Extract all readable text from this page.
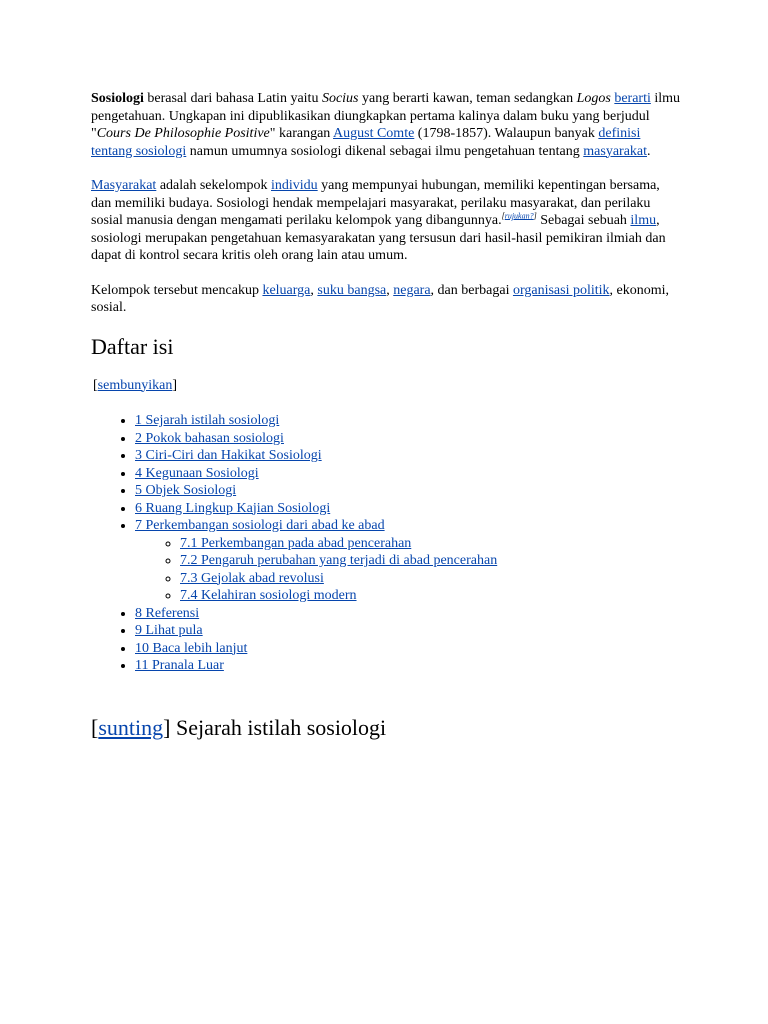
Sosiologi berasal dari bahasa Latin yaitu Socius yang berarti kawan, teman sedangkan Logos berarti ilmu pengetahuan. Ungkapan ini dipublikasikan diungkapkan pertama kalinya dalam buku yang berjudul "Cours De Philosophie Positive" karangan August Comte (1798-1857). Walaupun banyak definisi tentang sosiologi namun umumnya sosiologi dikenal sebagai ilmu pengetahuan tentang masyarakat.

Masyarakat adalah sekelompok individu yang mempunyai hubungan, memiliki kepentingan bersama, dan memiliki budaya. Sosiologi hendak mempelajari masyarakat, perilaku masyarakat, dan perilaku sosial manusia dengan mengamati perilaku kelompok yang dibangunnya.[rujukan?] Sebagai sebuah ilmu, sosiologi merupakan pengetahuan kemasyarakatan yang tersusun dari hasil-hasil pemikiran ilmiah dan dapat di kontrol secara kritis oleh orang lain atau umum.

Kelompok tersebut mencakup keluarga, suku bangsa, negara, dan berbagai organisasi politik, ekonomi, sosial.

Daftar isi
[sembunyikan]
• 1 Sejarah istilah sosiologi
• 2 Pokok bahasan sosiologi
• 3 Ciri-Ciri dan Hakikat Sosiologi
• 4 Kegunaan Sosiologi
• 5 Objek Sosiologi
• 6 Ruang Lingkup Kajian Sosiologi
• 7 Perkembangan sosiologi dari abad ke abad
◦ 7.1 Perkembangan pada abad pencerahan
◦ 7.2 Pengaruh perubahan yang terjadi di abad pencerahan
◦ 7.3 Gejolak abad revolusi
◦ 7.4 Kelahiran sosiologi modern
• 8 Referensi
• 9 Lihat pula
• 10 Baca lebih lanjut
• 11 Pranala Luar
[sunting] Sejarah istilah sosiologi
